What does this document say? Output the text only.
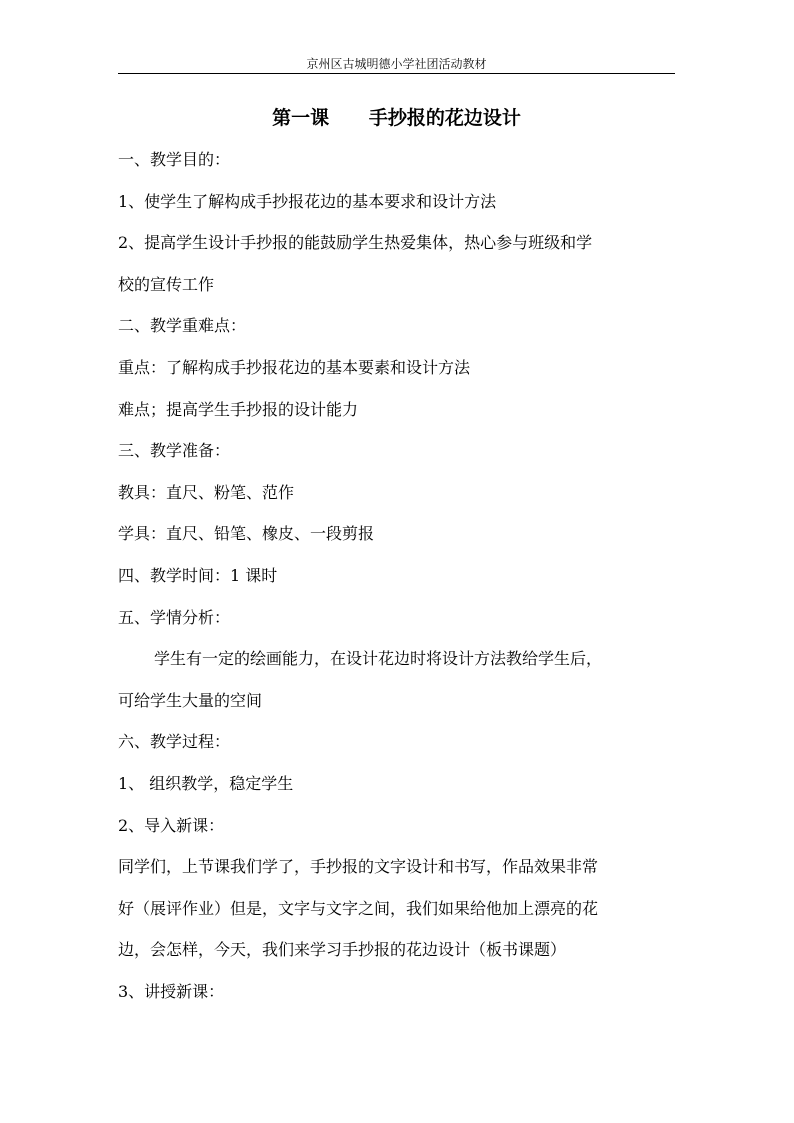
京州区古城明德小学社团活动教材
第一课      手抄报的花边设计
一、教学目的：
1、使学生了解构成手抄报花边的基本要求和设计方法
2、提高学生设计手抄报的能鼓励学生热爱集体，热心参与班级和学
校的宣传工作
二、教学重难点：
重点：了解构成手抄报花边的基本要素和设计方法
难点；提高学生手抄报的设计能力
三、教学准备：
教具：直尺、粉笔、范作
学具：直尺、铅笔、橡皮、一段剪报
四、教学时间：1 课时
五、学情分析：
学生有一定的绘画能力，在设计花边时将设计方法教给学生后，
可给学生大量的空间
六、教学过程：
1、 组织教学，稳定学生
2、导入新课：
同学们，上节课我们学了，手抄报的文字设计和书写，作品效果非常
好（展评作业）但是，文字与文字之间，我们如果给他加上漂亮的花
边，会怎样，今天，我们来学习手抄报的花边设计（板书课题）
3、讲授新课：
